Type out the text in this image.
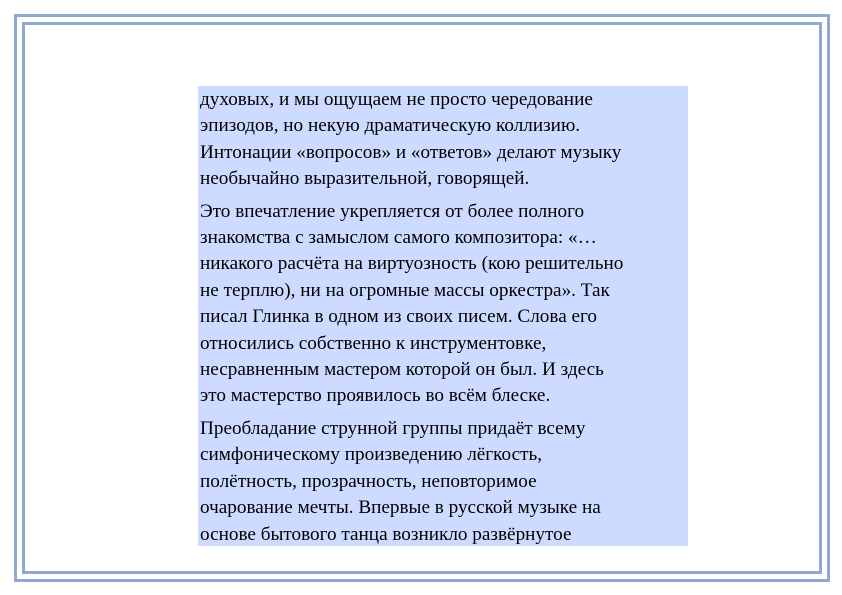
духовых, и мы ощущаем не просто чередование
эпизодов, но некую драматическую коллизию.
Интонации «вопросов» и «ответов» делают музыку
необычайно выразительной, говорящей.

Это впечатление укрепляется от более полного
знакомства с замыслом самого композитора: «…
никакого расчёта на виртуозность (кою решительно
не терплю), ни на огромные массы оркестра». Так
писал Глинка в одном из своих писем. Слова его
относились собственно к инструментовке,
несравненным мастером которой он был. И здесь
это мастерство проявилось во всём блеске.

Преобладание струнной группы придаёт всему
симфоническому произведению лёгкость,
полётность, прозрачность, неповторимое
очарование мечты. Впервые в русской музыке на
основе бытового танца возникло развёрнутое
